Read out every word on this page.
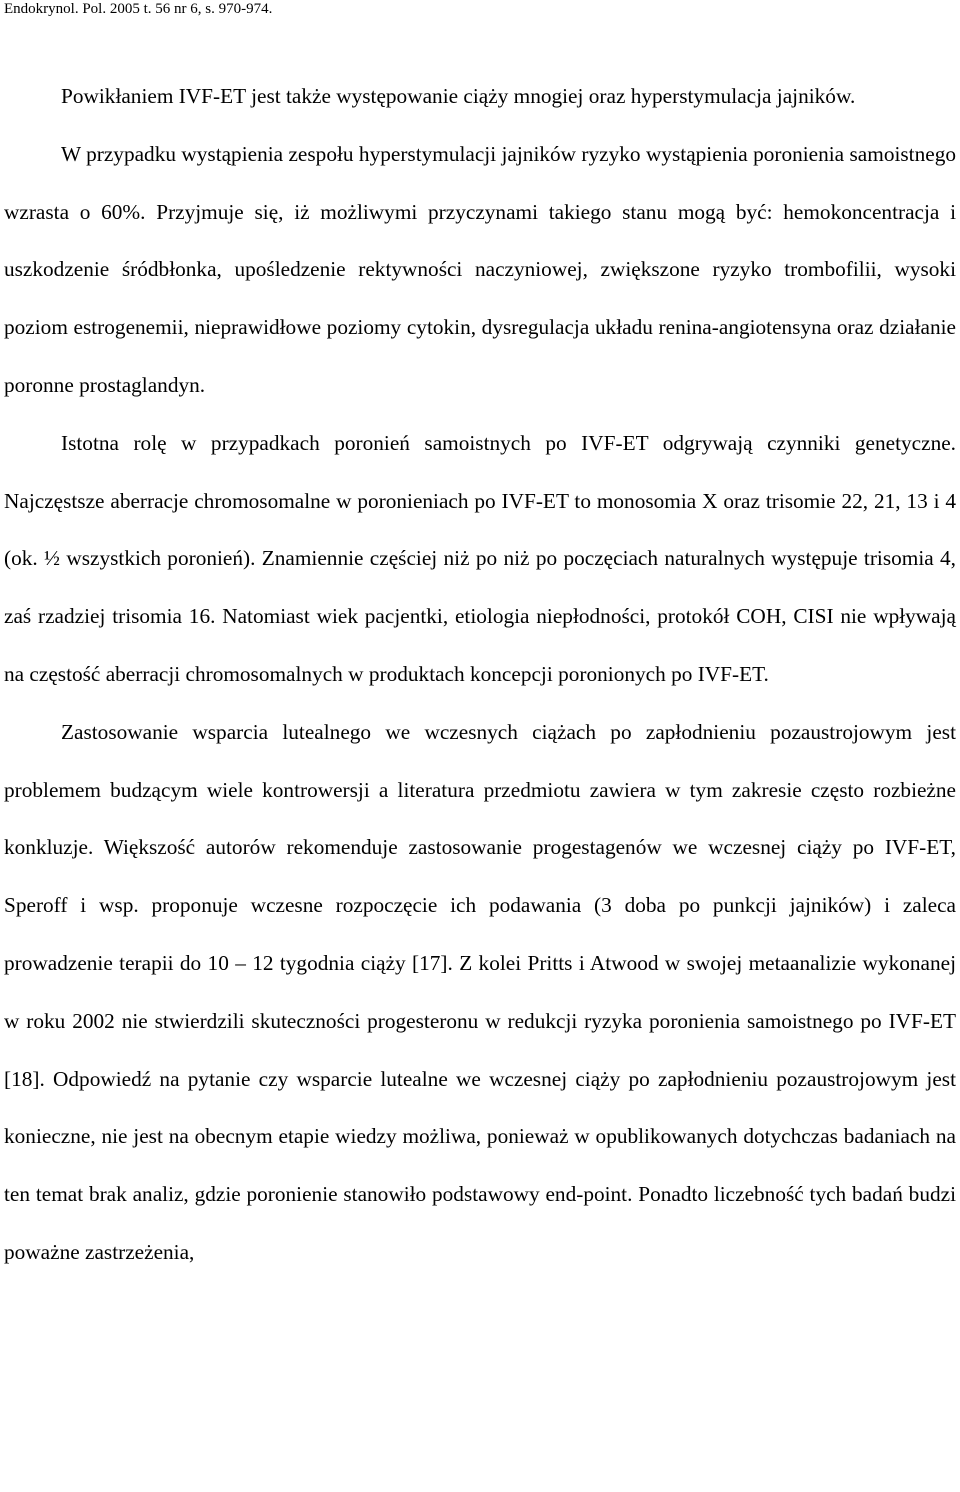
Endokrynol. Pol. 2005 t. 56 nr 6, s. 970-974.

Powikłaniem IVF-ET jest także występowanie ciąży mnogiej oraz hyperstymulacja jajników.

W przypadku wystąpienia zespołu hyperstymulacji jajników ryzyko wystąpienia poronienia samoistnego wzrasta o 60%. Przyjmuje się, iż możliwymi przyczynami takiego stanu mogą być: hemokoncentracja i uszkodzenie śródbłonka, upośledzenie rektywności naczyniowej, zwiększone ryzyko trombofilii, wysoki poziom estrogenemii, nieprawidłowe poziomy cytokin, dysregulacja układu renina-angiotensyna oraz działanie poronne prostaglandyn.

Istotna rolę w przypadkach poronień samoistnych po IVF-ET odgrywają czynniki genetyczne. Najczęstsze aberracje chromosomalne w poronieniach po IVF-ET to monosomia X oraz trisomie 22, 21, 13 i 4 (ok. ½ wszystkich poronień). Znamiennie częściej niż po niż po poczęciach naturalnych występuje trisomia 4, zaś rzadziej trisomia 16. Natomiast wiek pacjentki, etiologia niepłodności, protokół COH, CISI nie wpływają na częstość aberracji chromosomalnych w produktach koncepcji poronionych po IVF-ET.

Zastosowanie wsparcia lutealnego we wczesnych ciążach po zapłodnieniu pozaustrojowym jest problemem budzącym wiele kontrowersji a literatura przedmiotu zawiera w tym zakresie często rozbieżne konkluzje. Większość autorów rekomenduje zastosowanie progestagenów we wczesnej ciąży po IVF-ET, Speroff i wsp. proponuje wczesne rozpoczęcie ich podawania (3 doba po punkcji jajników) i zaleca prowadzenie terapii do 10 – 12 tygodnia ciąży [17]. Z kolei Pritts i Atwood w swojej metaanalizie wykonanej w roku 2002 nie stwierdzili skuteczności progesteronu w redukcji ryzyka poronienia samoistnego po IVF-ET [18]. Odpowiedź na pytanie czy wsparcie lutealne we wczesnej ciąży po zapłodnieniu pozaustrojowym jest konieczne, nie jest na obecnym etapie wiedzy możliwa, ponieważ w opublikowanych dotychczas badaniach na ten temat brak analiz, gdzie poronienie stanowiło podstawowy end-point. Ponadto liczebność tych badań budzi poważne zastrzeżenia,
